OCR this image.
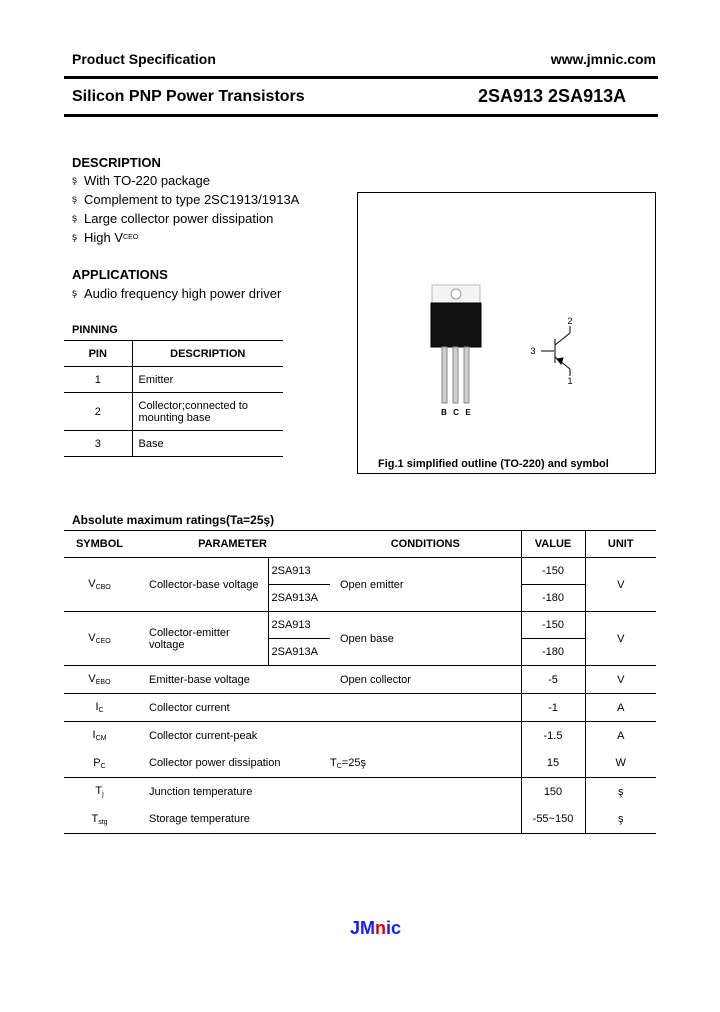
Product Specification	www.jmnic.com
Silicon PNP Power Transistors	2SA913 2SA913A
DESCRIPTION
ş With TO-220 package
ş Complement to type 2SC1913/1913A
ş Large collector power dissipation
ş High V CEO
APPLICATIONS
ş Audio frequency high power driver
PINNING
PIN	DESCRIPTION
1	Emitter
2	Collector;connected to
mounting base

3	Base
B C E
2
3
1
Fig.1 simplified outline (TO-220) and symbol
Absolute maximum ratings(Ta=25ş)
SYMBOL	PARAMETER		CONDITIONS	VALUE	UNIT
$V_{CBO}$	Collector-base voltage	2SA913	Open emitter	-150	V
		2SA913A		-180	
$V_{CEO}$	Collector-emitter voltage	2SA913	Open base	-150	V
		2SA913A		-180	
$V_{EBO}$	Emitter-base voltage		Open collector	-5	V
$I_C$	Collector current			-1	A
$I_{CM}$	Collector current-peak			-1.5	A
$P_C$	Collector power dissipation		$T_C=25ş$	15	W
$T_j$	Junction temperature			150	ş
$T_{stg}$	Storage temperature			-55~150	ş
JMnic
